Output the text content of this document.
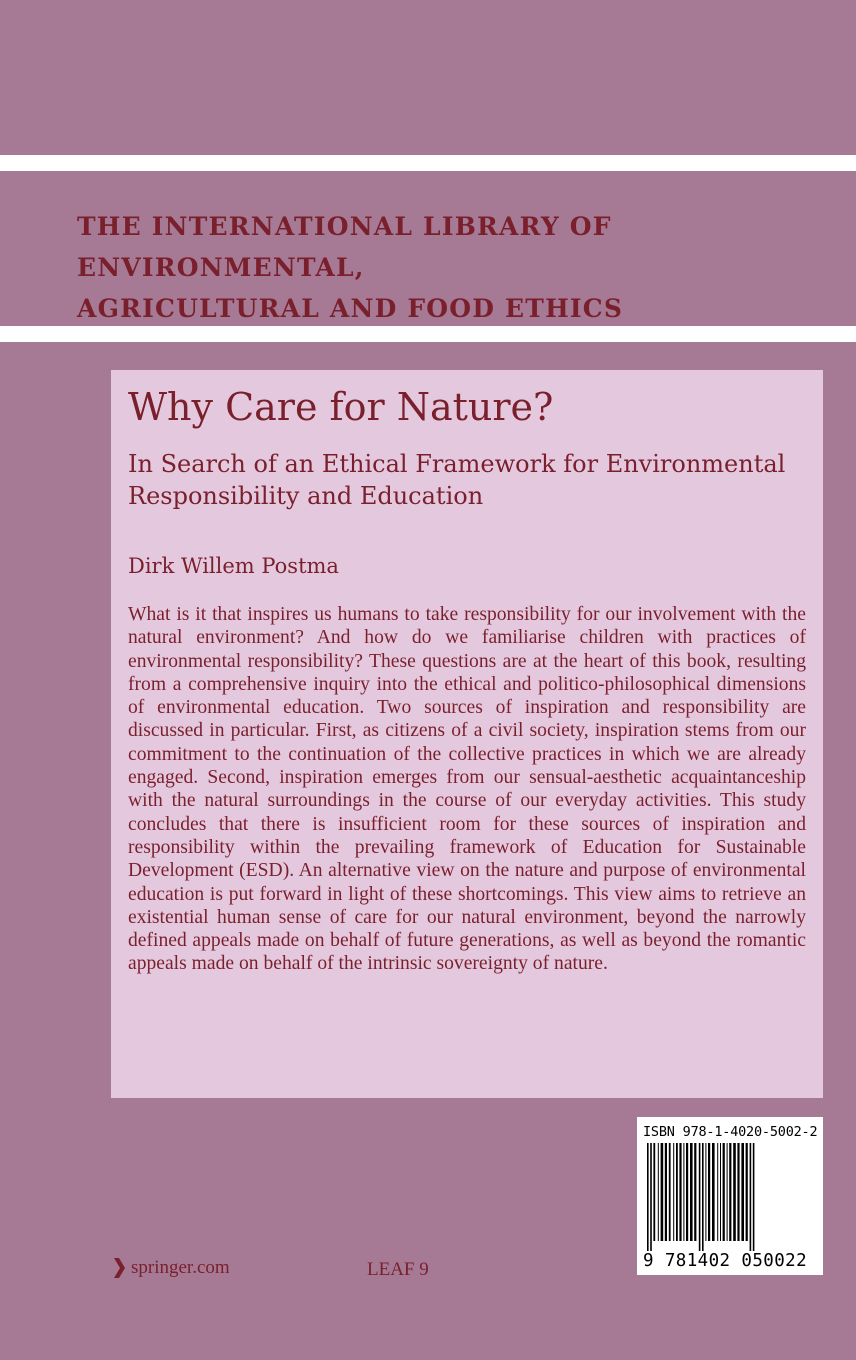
THE INTERNATIONAL LIBRARY OF ENVIRONMENTAL,
AGRICULTURAL AND FOOD ETHICS
Why Care for Nature?
In Search of an Ethical Framework for Environmental
Responsibility and Education
Dirk Willem Postma
What is it that inspires us humans to take responsibility for our involvement with the natural environment? And how do we familiarise children with practices of environmental responsibility? These questions are at the heart of this book, resulting from a comprehensive inquiry into the ethical and politico-philosophical dimensions of environmental education. Two sources of inspiration and responsibility are discussed in particular. First, as citizens of a civil society, inspiration stems from our commitment to the continuation of the collective practices in which we are already engaged. Second, inspiration emerges from our sensual-aesthetic acquaintanceship with the natural surroundings in the course of our everyday activities. This study concludes that there is insufficient room for these sources of inspiration and responsibility within the prevailing framework of Education for Sustainable Development (ESD). An alternative view on the nature and purpose of environmental education is put forward in light of these shortcomings. This view aims to retrieve an existential human sense of care for our natural environment, beyond the narrowly defined appeals made on behalf of future generations, as well as beyond the romantic appeals made on behalf of the intrinsic sovereignty of nature.
springer.com	LEAF 9
ISBN 978-1-4020-5002-2
9 781402 050022
